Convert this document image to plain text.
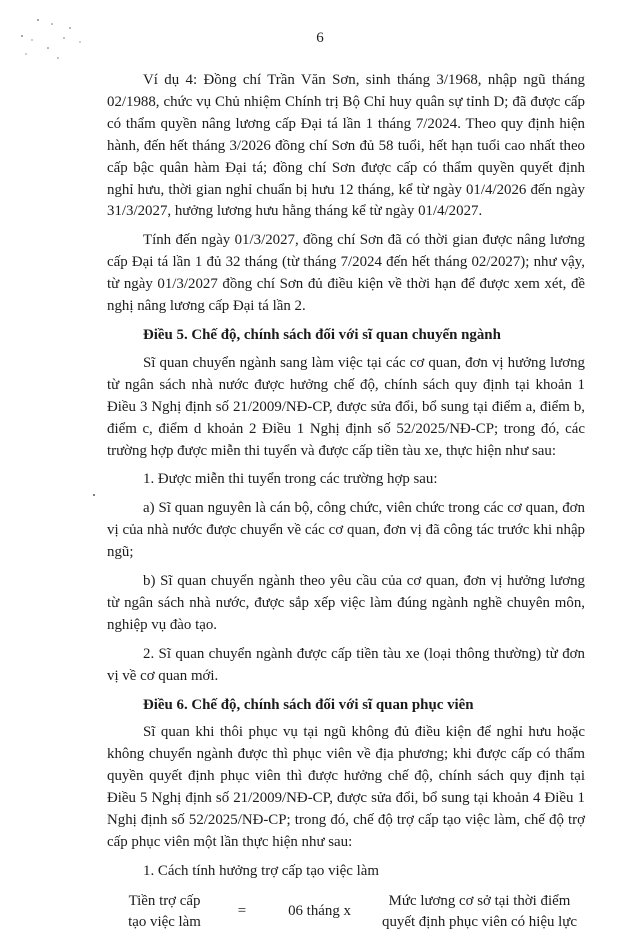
6

Ví dụ 4: Đồng chí Trần Văn Sơn, sinh tháng 3/1968, nhập ngũ tháng 02/1988, chức vụ Chủ nhiệm Chính trị Bộ Chỉ huy quân sự tỉnh D; đã được cấp có thẩm quyền nâng lương cấp Đại tá lần 1 tháng 7/2024. Theo quy định hiện hành, đến hết tháng 3/2026 đồng chí Sơn đủ 58 tuổi, hết hạn tuổi cao nhất theo cấp bậc quân hàm Đại tá; đồng chí Sơn được cấp có thẩm quyền quyết định nghỉ hưu, thời gian nghỉ chuẩn bị hưu 12 tháng, kể từ ngày 01/4/2026 đến ngày 31/3/2027, hưởng lương hưu hằng tháng kể từ ngày 01/4/2027.

Tính đến ngày 01/3/2027, đồng chí Sơn đã có thời gian được nâng lương cấp Đại tá lần 1 đủ 32 tháng (từ tháng 7/2024 đến hết tháng 02/2027); như vậy, từ ngày 01/3/2027 đồng chí Sơn đủ điều kiện về thời hạn để được xem xét, đề nghị nâng lương cấp Đại tá lần 2.

Điều 5. Chế độ, chính sách đối với sĩ quan chuyển ngành

Sĩ quan chuyển ngành sang làm việc tại các cơ quan, đơn vị hưởng lương từ ngân sách nhà nước được hưởng chế độ, chính sách quy định tại khoản 1 Điều 3 Nghị định số 21/2009/NĐ-CP, được sửa đổi, bổ sung tại điểm a, điểm b, điểm c, điểm d khoản 2 Điều 1 Nghị định số 52/2025/NĐ-CP; trong đó, các trường hợp được miễn thi tuyển và được cấp tiền tàu xe, thực hiện như sau:

1. Được miễn thi tuyển trong các trường hợp sau:

a) Sĩ quan nguyên là cán bộ, công chức, viên chức trong các cơ quan, đơn vị của nhà nước được chuyển về các cơ quan, đơn vị đã công tác trước khi nhập ngũ;

b) Sĩ quan chuyển ngành theo yêu cầu của cơ quan, đơn vị hưởng lương từ ngân sách nhà nước, được sắp xếp việc làm đúng ngành nghề chuyên môn, nghiệp vụ đào tạo.

2. Sĩ quan chuyển ngành được cấp tiền tàu xe (loại thông thường) từ đơn vị về cơ quan mới.

Điều 6. Chế độ, chính sách đối với sĩ quan phục viên

Sĩ quan khi thôi phục vụ tại ngũ không đủ điều kiện để nghỉ hưu hoặc không chuyển ngành được thì phục viên về địa phương; khi được cấp có thẩm quyền quyết định phục viên thì được hưởng chế độ, chính sách quy định tại Điều 5 Nghị định số 21/2009/NĐ-CP, được sửa đổi, bổ sung tại khoản 4 Điều 1 Nghị định số 52/2025/NĐ-CP; trong đó, chế độ trợ cấp tạo việc làm, chế độ trợ cấp phục viên một lần thực hiện như sau:

1. Cách tính hưởng trợ cấp tạo việc làm

Tiền trợ cấp
tạo việc làm
=	06 tháng x
Mức lương cơ sở tại thời điểm
quyết định phục viên có hiệu lực
